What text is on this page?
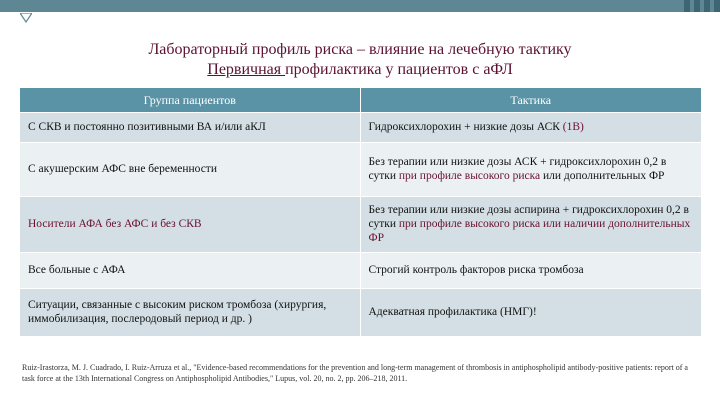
Лабораторный профиль риска – влияние на лечебную тактику
Первичная профилактика у пациентов с аФЛ
Группа пациентов	Тактика
С СКВ и постоянно позитивными ВА и/или аКЛ	Гидроксихлорохин + низкие дозы АСК (1В)
С акушерским АФС вне беременности	Без терапии или низкие дозы АСК + гидроксихлорохин 0,2 в сутки при профиле высокого риска или дополнительных ФР
Носители АФА без АФС и без СКВ	Без терапии или низкие дозы аспирина + гидроксихлорохин 0,2 в сутки при профиле высокого риска или наличии дополнительных ФР
Все больные с АФА	Строгий контроль факторов риска тромбоза
Ситуации, связанные с высоким риском тромбоза (хирургия, иммобилизация, послеродовый период и др. )	Адекватная профилактика (НМГ)!
Ruiz-Irastorza, M. J. Cuadrado, I. Ruiz-Arruza et al., "Evidence-based recommendations for the prevention and long-term management of thrombosis in antiphospholipid antibody-positive patients: report of a task force at the 13th International Congress on Antiphospholipid Antibodies," Lupus, vol. 20, no. 2, pp. 206–218, 2011.
